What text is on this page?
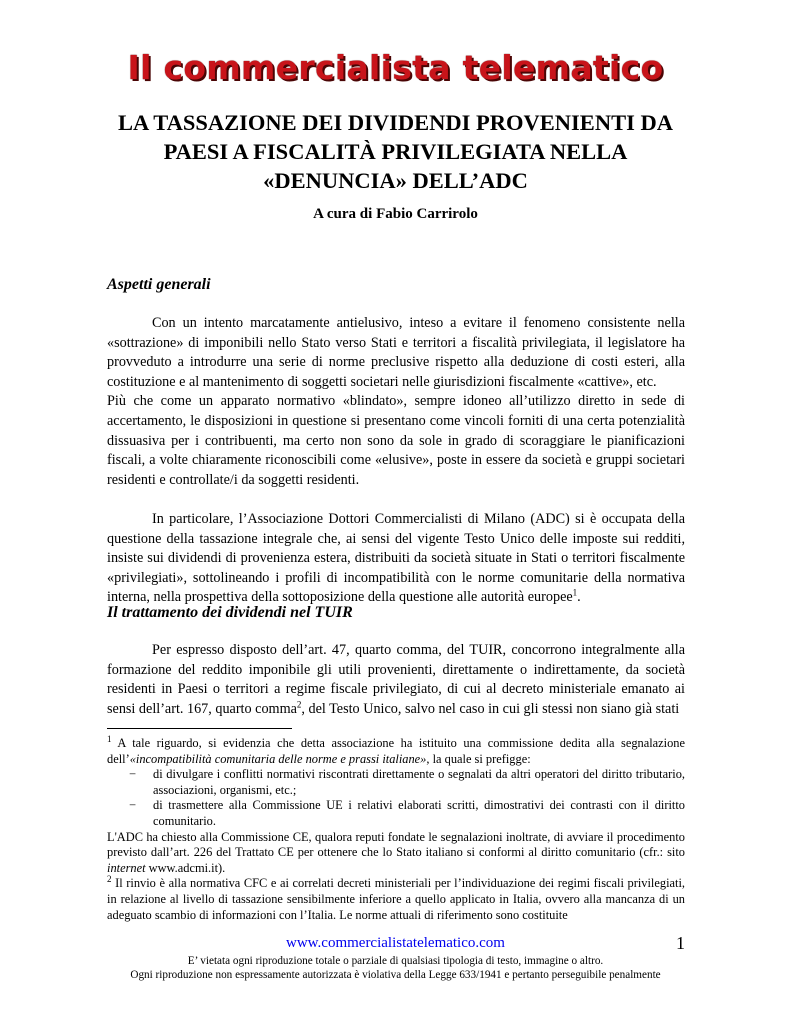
Il commercialista telematico
LA TASSAZIONE DEI DIVIDENDI PROVENIENTI DA
PAESI A FISCALITÀ PRIVILEGIATA NELLA
«DENUNCIA» DELL’ADC

A cura di Fabio Carrirolo

Aspetti generali

Con un intento marcatamente antielusivo, inteso a evitare il fenomeno consistente nella «sottrazione» di imponibili nello Stato verso Stati e territori a fiscalità privilegiata, il legislatore ha provveduto a introdurre una serie di norme preclusive rispetto alla deduzione di costi esteri, alla costituzione e al mantenimento di soggetti societari nelle giurisdizioni fiscalmente «cattive», etc.

Più che come un apparato normativo «blindato», sempre idoneo all’utilizzo diretto in sede di accertamento, le disposizioni in questione si presentano come vincoli forniti di una certa potenzialità dissuasiva per i contribuenti, ma certo non sono da sole in grado di scoraggiare le pianificazioni fiscali, a volte chiaramente riconoscibili come «elusive», poste in essere da società e gruppi societari residenti e controllate/i da soggetti residenti.

In particolare, l’Associazione Dottori Commercialisti di Milano (ADC) si è occupata della questione della tassazione integrale che, ai sensi del vigente Testo Unico delle imposte sui redditi, insiste sui dividendi di provenienza estera, distribuiti da società situate in Stati o territori fiscalmente «privilegiati», sottolineando i profili di incompatibilità con le norme comunitarie della normativa interna, nella prospettiva della sottoposizione della questione alle autorità europee$^1$.

Il trattamento dei dividendi nel TUIR

Per espresso disposto dell’art. 47, quarto comma, del TUIR, concorrono integralmente alla formazione del reddito imponibile gli utili provenienti, direttamente o indirettamente, da società residenti in Paesi o territori a regime fiscale privilegiato, di cui al decreto ministeriale emanato ai sensi dell’art. 167, quarto comma$^2$, del Testo Unico, salvo nel caso in cui gli stessi non siano già stati

$^1$ A tale riguardo, si evidenzia che detta associazione ha istituito una commissione dedita alla segnalazione dell’«incompatibilità comunitaria delle norme e prassi italiane», la quale si prefigge:

− di divulgare i conflitti normativi riscontrati direttamente o segnalati da altri operatori del diritto tributario, associazioni, organismi, etc.;
− di trasmettere alla Commissione UE i relativi elaborati scritti, dimostrativi dei contrasti con il diritto comunitario.

L'ADC ha chiesto alla Commissione CE, qualora reputi fondate le segnalazioni inoltrate, di avviare il procedimento previsto dall’art. 226 del Trattato CE per ottenere che lo Stato italiano si conformi al diritto comunitario (cfr.: sito internet www.adcmi.it).

$^2$ Il rinvio è alla normativa CFC e ai correlati decreti ministeriali per l’individuazione dei regimi fiscali privilegiati, in relazione al livello di tassazione sensibilmente inferiore a quello applicato in Italia, ovvero alla mancanza di un adeguato scambio di informazioni con l’Italia. Le norme attuali di riferimento sono costituite

www.commercialistatelematico.com	1
E’ vietata ogni riproduzione totale o parziale di qualsiasi tipologia di testo, immagine o altro.
Ogni riproduzione non espressamente autorizzata è violativa della Legge 633/1941 e pertanto perseguibile penalmente
